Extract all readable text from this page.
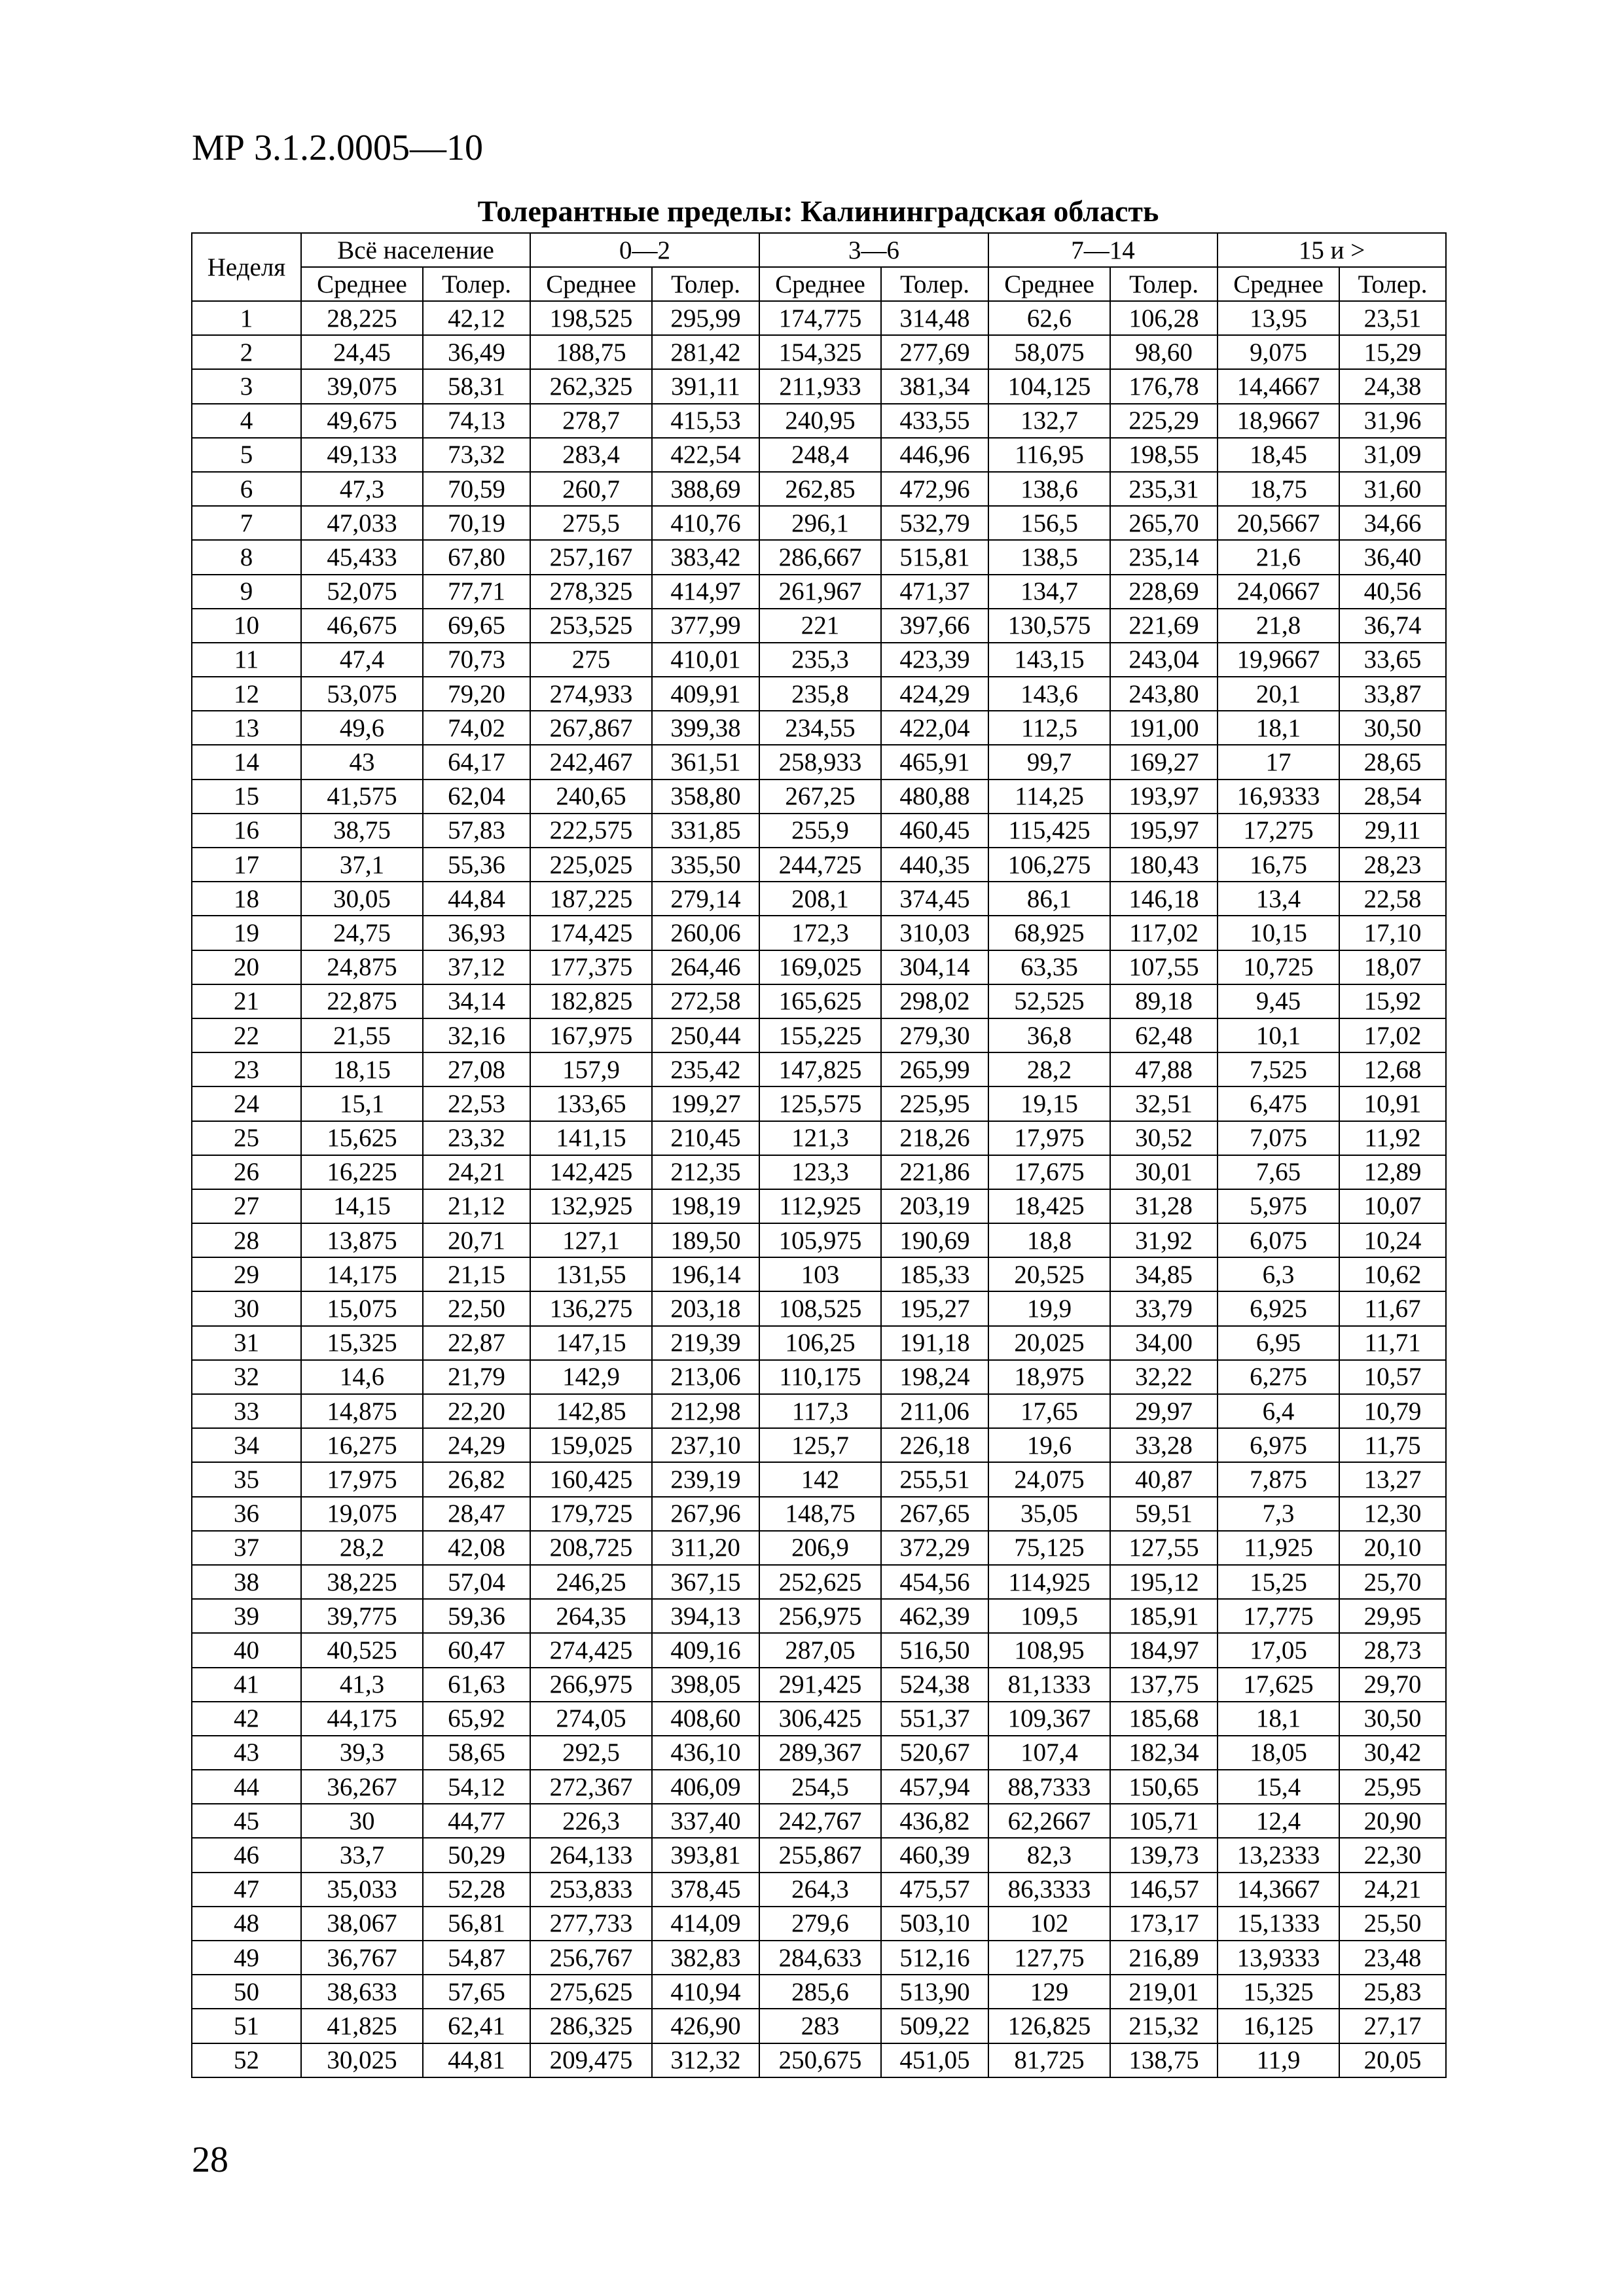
МР 3.1.2.0005—10
Толерантные пределы: Калининградская область
Неделя	Всё население		0—2		3—6		7—14		15 и >	
	Среднее	Толер.	Среднее	Толер.	Среднее	Толер.	Среднее	Толер.	Среднее	Толер.
1	28,225	42,12	198,525	295,99	174,775	314,48	62,6	106,28	13,95	23,51
2	24,45	36,49	188,75	281,42	154,325	277,69	58,075	98,60	9,075	15,29
3	39,075	58,31	262,325	391,11	211,933	381,34	104,125	176,78	14,4667	24,38
4	49,675	74,13	278,7	415,53	240,95	433,55	132,7	225,29	18,9667	31,96
5	49,133	73,32	283,4	422,54	248,4	446,96	116,95	198,55	18,45	31,09
6	47,3	70,59	260,7	388,69	262,85	472,96	138,6	235,31	18,75	31,60
7	47,033	70,19	275,5	410,76	296,1	532,79	156,5	265,70	20,5667	34,66
8	45,433	67,80	257,167	383,42	286,667	515,81	138,5	235,14	21,6	36,40
9	52,075	77,71	278,325	414,97	261,967	471,37	134,7	228,69	24,0667	40,56
10	46,675	69,65	253,525	377,99	221	397,66	130,575	221,69	21,8	36,74
11	47,4	70,73	275	410,01	235,3	423,39	143,15	243,04	19,9667	33,65
12	53,075	79,20	274,933	409,91	235,8	424,29	143,6	243,80	20,1	33,87
13	49,6	74,02	267,867	399,38	234,55	422,04	112,5	191,00	18,1	30,50
14	43	64,17	242,467	361,51	258,933	465,91	99,7	169,27	17	28,65
15	41,575	62,04	240,65	358,80	267,25	480,88	114,25	193,97	16,9333	28,54
16	38,75	57,83	222,575	331,85	255,9	460,45	115,425	195,97	17,275	29,11
17	37,1	55,36	225,025	335,50	244,725	440,35	106,275	180,43	16,75	28,23
18	30,05	44,84	187,225	279,14	208,1	374,45	86,1	146,18	13,4	22,58
19	24,75	36,93	174,425	260,06	172,3	310,03	68,925	117,02	10,15	17,10
20	24,875	37,12	177,375	264,46	169,025	304,14	63,35	107,55	10,725	18,07
21	22,875	34,14	182,825	272,58	165,625	298,02	52,525	89,18	9,45	15,92
22	21,55	32,16	167,975	250,44	155,225	279,30	36,8	62,48	10,1	17,02
23	18,15	27,08	157,9	235,42	147,825	265,99	28,2	47,88	7,525	12,68
24	15,1	22,53	133,65	199,27	125,575	225,95	19,15	32,51	6,475	10,91
25	15,625	23,32	141,15	210,45	121,3	218,26	17,975	30,52	7,075	11,92
26	16,225	24,21	142,425	212,35	123,3	221,86	17,675	30,01	7,65	12,89
27	14,15	21,12	132,925	198,19	112,925	203,19	18,425	31,28	5,975	10,07
28	13,875	20,71	127,1	189,50	105,975	190,69	18,8	31,92	6,075	10,24
29	14,175	21,15	131,55	196,14	103	185,33	20,525	34,85	6,3	10,62
30	15,075	22,50	136,275	203,18	108,525	195,27	19,9	33,79	6,925	11,67
31	15,325	22,87	147,15	219,39	106,25	191,18	20,025	34,00	6,95	11,71
32	14,6	21,79	142,9	213,06	110,175	198,24	18,975	32,22	6,275	10,57
33	14,875	22,20	142,85	212,98	117,3	211,06	17,65	29,97	6,4	10,79
34	16,275	24,29	159,025	237,10	125,7	226,18	19,6	33,28	6,975	11,75
35	17,975	26,82	160,425	239,19	142	255,51	24,075	40,87	7,875	13,27
36	19,075	28,47	179,725	267,96	148,75	267,65	35,05	59,51	7,3	12,30
37	28,2	42,08	208,725	311,20	206,9	372,29	75,125	127,55	11,925	20,10
38	38,225	57,04	246,25	367,15	252,625	454,56	114,925	195,12	15,25	25,70
39	39,775	59,36	264,35	394,13	256,975	462,39	109,5	185,91	17,775	29,95
40	40,525	60,47	274,425	409,16	287,05	516,50	108,95	184,97	17,05	28,73
41	41,3	61,63	266,975	398,05	291,425	524,38	81,1333	137,75	17,625	29,70
42	44,175	65,92	274,05	408,60	306,425	551,37	109,367	185,68	18,1	30,50
43	39,3	58,65	292,5	436,10	289,367	520,67	107,4	182,34	18,05	30,42
44	36,267	54,12	272,367	406,09	254,5	457,94	88,7333	150,65	15,4	25,95
45	30	44,77	226,3	337,40	242,767	436,82	62,2667	105,71	12,4	20,90
46	33,7	50,29	264,133	393,81	255,867	460,39	82,3	139,73	13,2333	22,30
47	35,033	52,28	253,833	378,45	264,3	475,57	86,3333	146,57	14,3667	24,21
48	38,067	56,81	277,733	414,09	279,6	503,10	102	173,17	15,1333	25,50
49	36,767	54,87	256,767	382,83	284,633	512,16	127,75	216,89	13,9333	23,48
50	38,633	57,65	275,625	410,94	285,6	513,90	129	219,01	15,325	25,83
51	41,825	62,41	286,325	426,90	283	509,22	126,825	215,32	16,125	27,17
52	30,025	44,81	209,475	312,32	250,675	451,05	81,725	138,75	11,9	20,05
28
